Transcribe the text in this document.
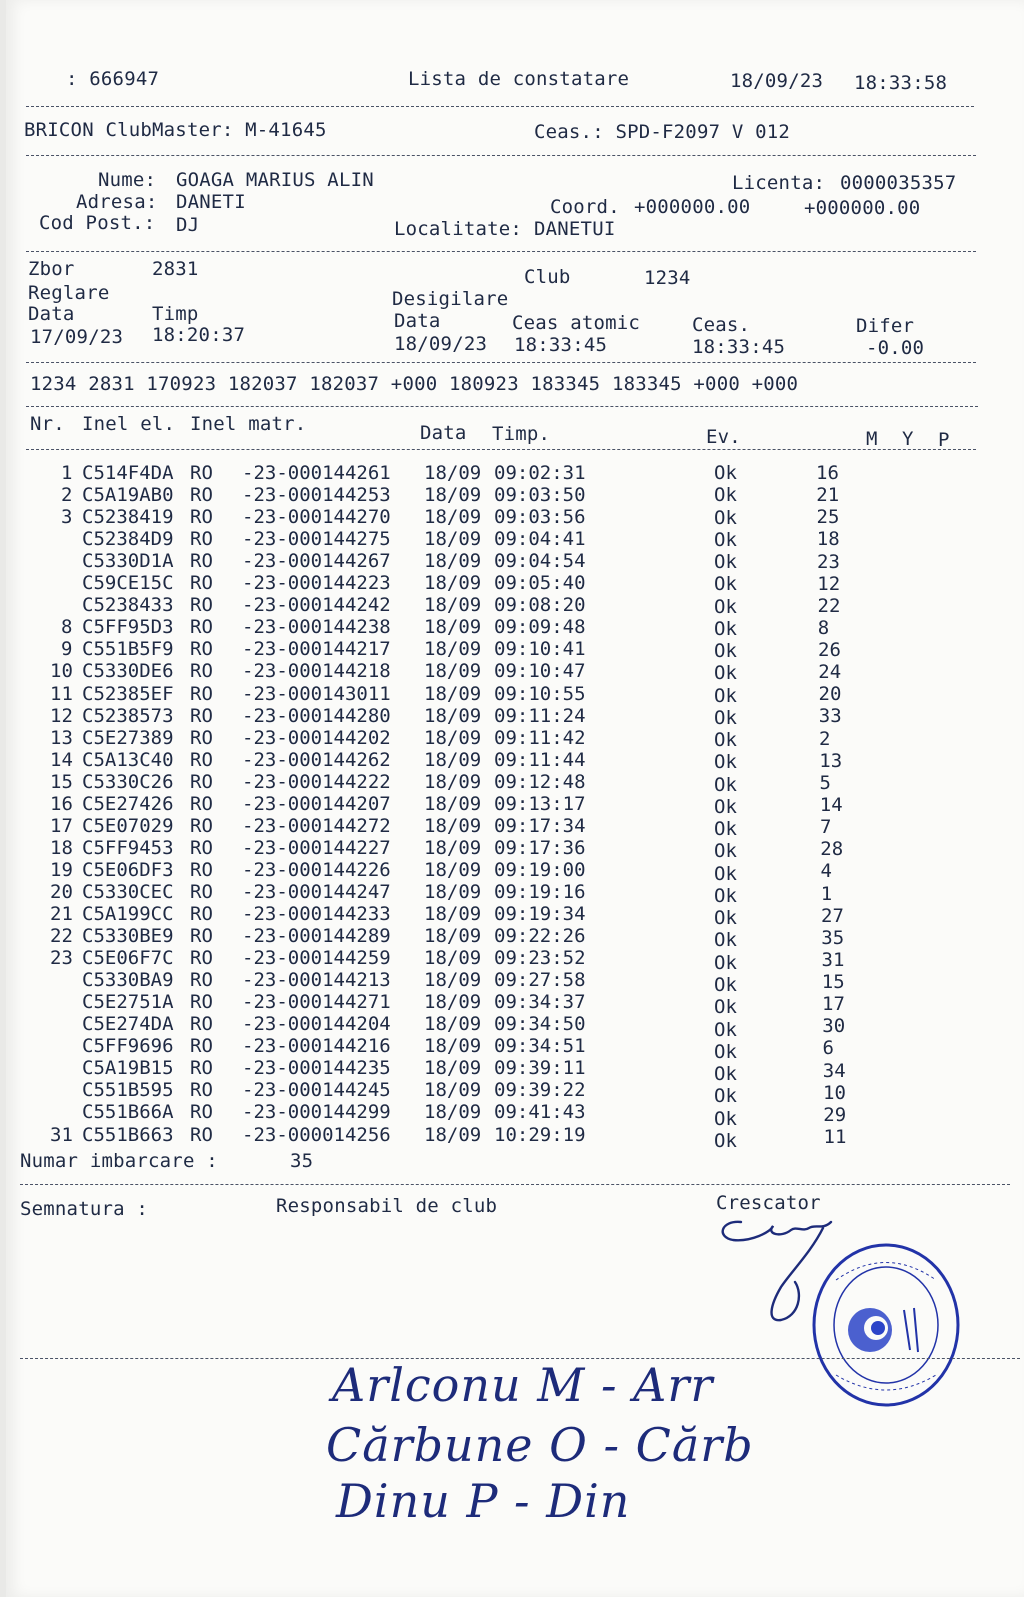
: 666947	Lista de constatare	18/09/23 18:33:58
BRICON ClubMaster: M-41645	Ceas.: SPD-F2097 V 012
Nume: GOAGA MARIUS ALIN	Licenta: 0000035357
Adresa: DANETI	Coord. +000000.00	+000000.00
Cod Post.: DJ	Localitate: DANETUI
Zbor	2831	Club	1234
Reglare	Desigilare
Data	Timp	Data	Ceas atomic	Ceas.	Difer
17/09/23 18:20:37	18/09/23 18:33:45	18:33:45	-0.00
1234 2831 170923 182037 182037 +000 180923 183345 183345 +000 +000
Nr. Inel el. Inel matr.	Data Timp.	Ev.	M Y P
1 C514F4DA RO -23-000144261 18/09 09:02:31	Ok	16
2 C5A19AB0 RO -23-000144253 18/09 09:03:50	Ok	21
3 C5238419 RO -23-000144270 18/09 09:03:56	Ok	25
C52384D9 RO -23-000144275 18/09 09:04:41	Ok	18
C5330D1A RO -23-000144267 18/09 09:04:54	Ok	23
C59CE15C RO -23-000144223 18/09 09:05:40	Ok	12
C5238433 RO -23-000144242 18/09 09:08:20	Ok	22
8 C5FF95D3 RO -23-000144238 18/09 09:09:48	Ok	8
9 C551B5F9 RO -23-000144217 18/09 09:10:41	Ok	26
10 C5330DE6 RO -23-000144218 18/09 09:10:47	Ok	24
11 C52385EF RO -23-000143011 18/09 09:10:55	Ok	20
12 C5238573 RO -23-000144280 18/09 09:11:24	Ok	33
13 C5E27389 RO -23-000144202 18/09 09:11:42	Ok	2
14 C5A13C40 RO -23-000144262 18/09 09:11:44	Ok	13
15 C5330C26 RO -23-000144222 18/09 09:12:48	Ok	5
16 C5E27426 RO -23-000144207 18/09 09:13:17	Ok	14
17 C5E07029 RO -23-000144272 18/09 09:17:34	Ok	7
18 C5FF9453 RO -23-000144227 18/09 09:17:36	Ok	28
19 C5E06DF3 RO -23-000144226 18/09 09:19:00	Ok	4
20 C5330CEC RO -23-000144247 18/09 09:19:16	Ok	1
21 C5A199CC RO -23-000144233 18/09 09:19:34	Ok	27
22 C5330BE9 RO -23-000144289 18/09 09:22:26	Ok	35
23 C5E06F7C RO -23-000144259 18/09 09:23:52	Ok	31
C5330BA9 RO -23-000144213 18/09 09:27:58	Ok	15
C5E2751A RO -23-000144271 18/09 09:34:37	Ok	17
C5E274DA RO -23-000144204 18/09 09:34:50	Ok	30
C5FF9696 RO -23-000144216 18/09 09:34:51	Ok	6
C5A19B15 RO -23-000144235 18/09 09:39:11	Ok	34
C551B595 RO -23-000144245 18/09 09:39:22	Ok	10
C551B66A RO -23-000144299 18/09 09:41:43	Ok	29
31 C551B663 RO -23-000014256 18/09 10:29:19	Ok	11
Numar imbarcare :	35
Semnatura :	Responsabil de club	Crescator
Arlconu M - Arr
Cărbune O - Cărb
Dinu P - Din
